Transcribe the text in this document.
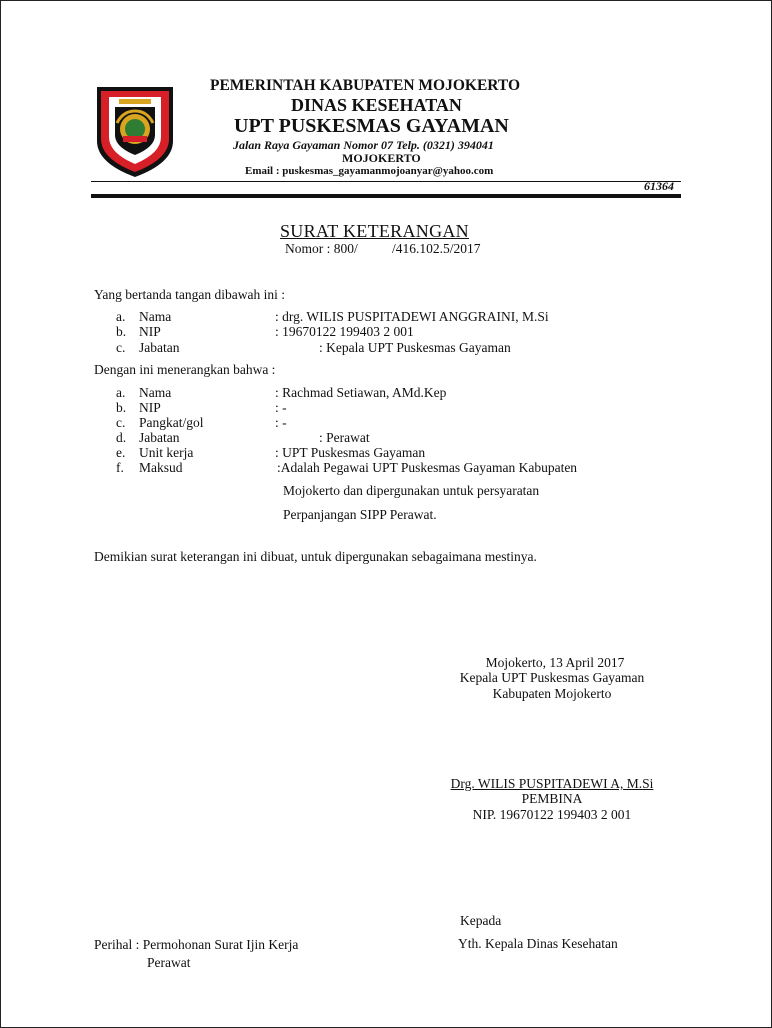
PEMERINTAH KABUPATEN MOJOKERTO
DINAS KESEHATAN
UPT PUSKESMAS GAYAMAN
Jalan Raya Gayaman Nomor 07 Telp. (0321) 394041
MOJOKERTO
Email : puskesmas_gayamanmojoanyar@yahoo.com
61364
SURAT KETERANGAN
Nomor : 800/	/416.102.5/2017
Yang bertanda tangan dibawah ini :
a. Nama	: drg. WILIS PUSPITADEWI ANGGRAINI, M.Si
b. NIP	: 19670122 199403 2 001
c. Jabatan	: Kepala UPT Puskesmas Gayaman
Dengan ini menerangkan bahwa :
a. Nama	: Rachmad Setiawan, AMd.Kep
b. NIP	: -
c. Pangkat/gol	: -
d. Jabatan	: Perawat
e. Unit kerja	: UPT Puskesmas Gayaman
f. Maksud	:Adalah Pegawai UPT Puskesmas Gayaman Kabupaten
Mojokerto dan dipergunakan untuk persyaratan
Perpanjangan SIPP Perawat.
Demikian surat keterangan ini dibuat, untuk dipergunakan sebagaimana mestinya.
Mojokerto, 13 April 2017
Kepala UPT Puskesmas Gayaman
Kabupaten Mojokerto
Drg. WILIS PUSPITADEWI A, M.Si
PEMBINA
NIP. 19670122 199403 2 001
Kepada
Yth. Kepala Dinas Kesehatan
Perihal : Permohonan Surat Ijin Kerja
Perawat
